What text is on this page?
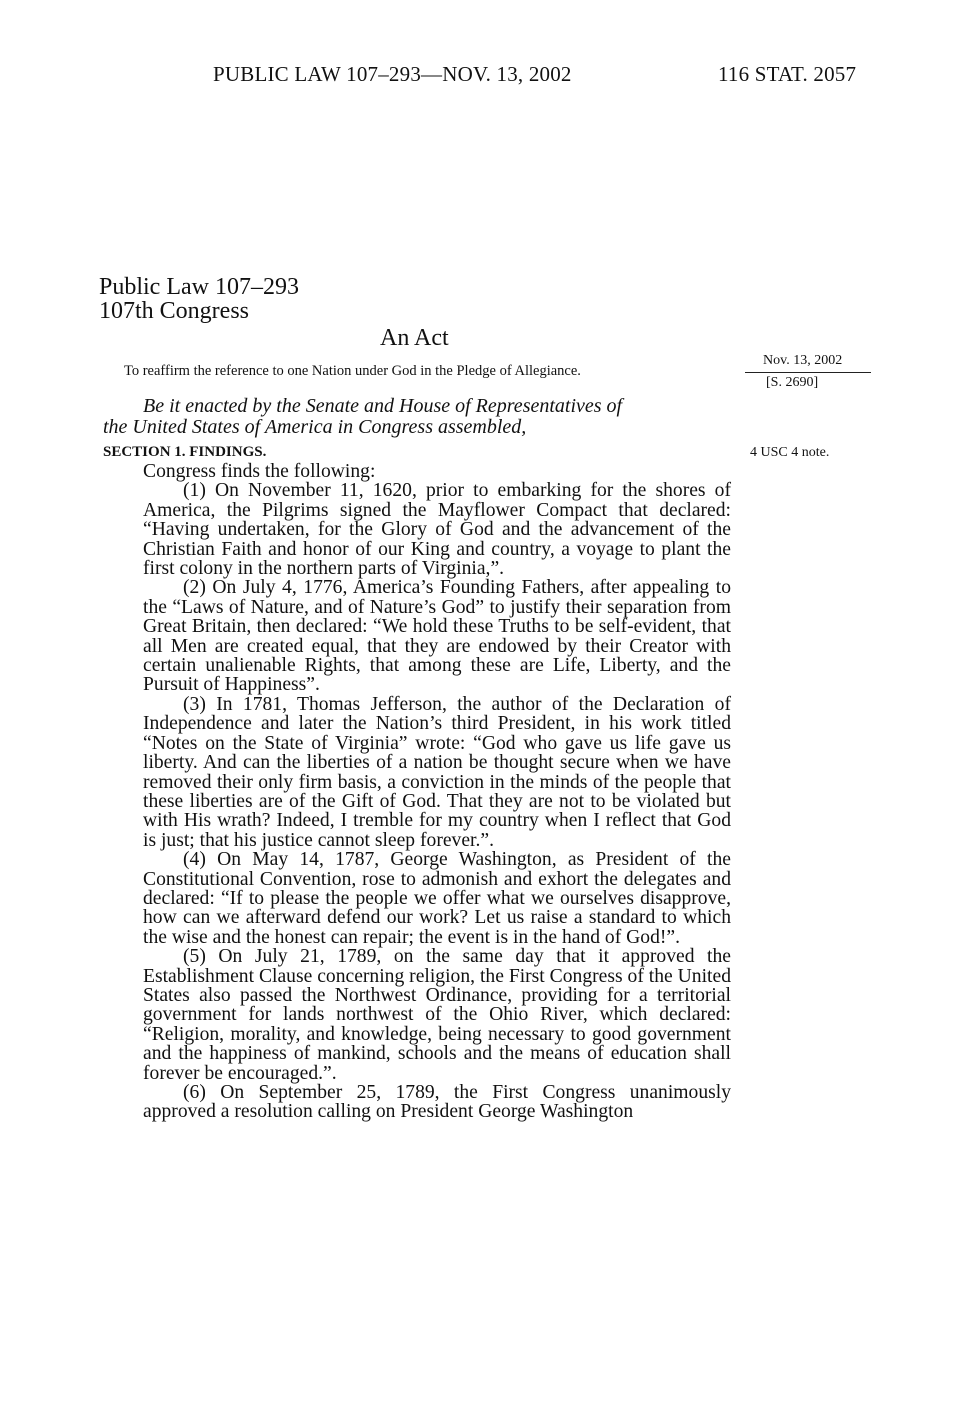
PUBLIC LAW 107–293—NOV. 13, 2002	116 STAT. 2057
Public Law 107–293
107th Congress
An Act
To reaffirm the reference to one Nation under God in the Pledge of Allegiance.
Nov. 13, 2002
[S. 2690]
4 USC 4 note.
Be it enacted by the Senate and House of Representatives of
the United States of America in Congress assembled,
SECTION 1. FINDINGS.

Congress finds the following:

(1) On November 11, 1620, prior to embarking for the shores of America, the Pilgrims signed the Mayflower Compact that declared: “Having undertaken, for the Glory of God and the advancement of the Christian Faith and honor of our King and country, a voyage to plant the first colony in the northern parts of Virginia,”.

(2) On July 4, 1776, America’s Founding Fathers, after appealing to the “Laws of Nature, and of Nature’s God” to justify their separation from Great Britain, then declared: “We hold these Truths to be self-evident, that all Men are created equal, that they are endowed by their Creator with certain unalienable Rights, that among these are Life, Liberty, and the Pursuit of Happiness”.

(3) In 1781, Thomas Jefferson, the author of the Declaration of Independence and later the Nation’s third President, in his work titled “Notes on the State of Virginia” wrote: “God who gave us life gave us liberty. And can the liberties of a nation be thought secure when we have removed their only firm basis, a conviction in the minds of the people that these liberties are of the Gift of God. That they are not to be violated but with His wrath? Indeed, I tremble for my country when I reflect that God is just; that his justice cannot sleep forever.”.

(4) On May 14, 1787, George Washington, as President of the Constitutional Convention, rose to admonish and exhort the delegates and declared: “If to please the people we offer what we ourselves disapprove, how can we afterward defend our work? Let us raise a standard to which the wise and the honest can repair; the event is in the hand of God!”.

(5) On July 21, 1789, on the same day that it approved the Establishment Clause concerning religion, the First Congress of the United States also passed the Northwest Ordinance, providing for a territorial government for lands northwest of the Ohio River, which declared: “Religion, morality, and knowledge, being necessary to good government and the happiness of mankind, schools and the means of education shall forever be encouraged.”.

(6) On September 25, 1789, the First Congress unanimously approved a resolution calling on President George Washington
